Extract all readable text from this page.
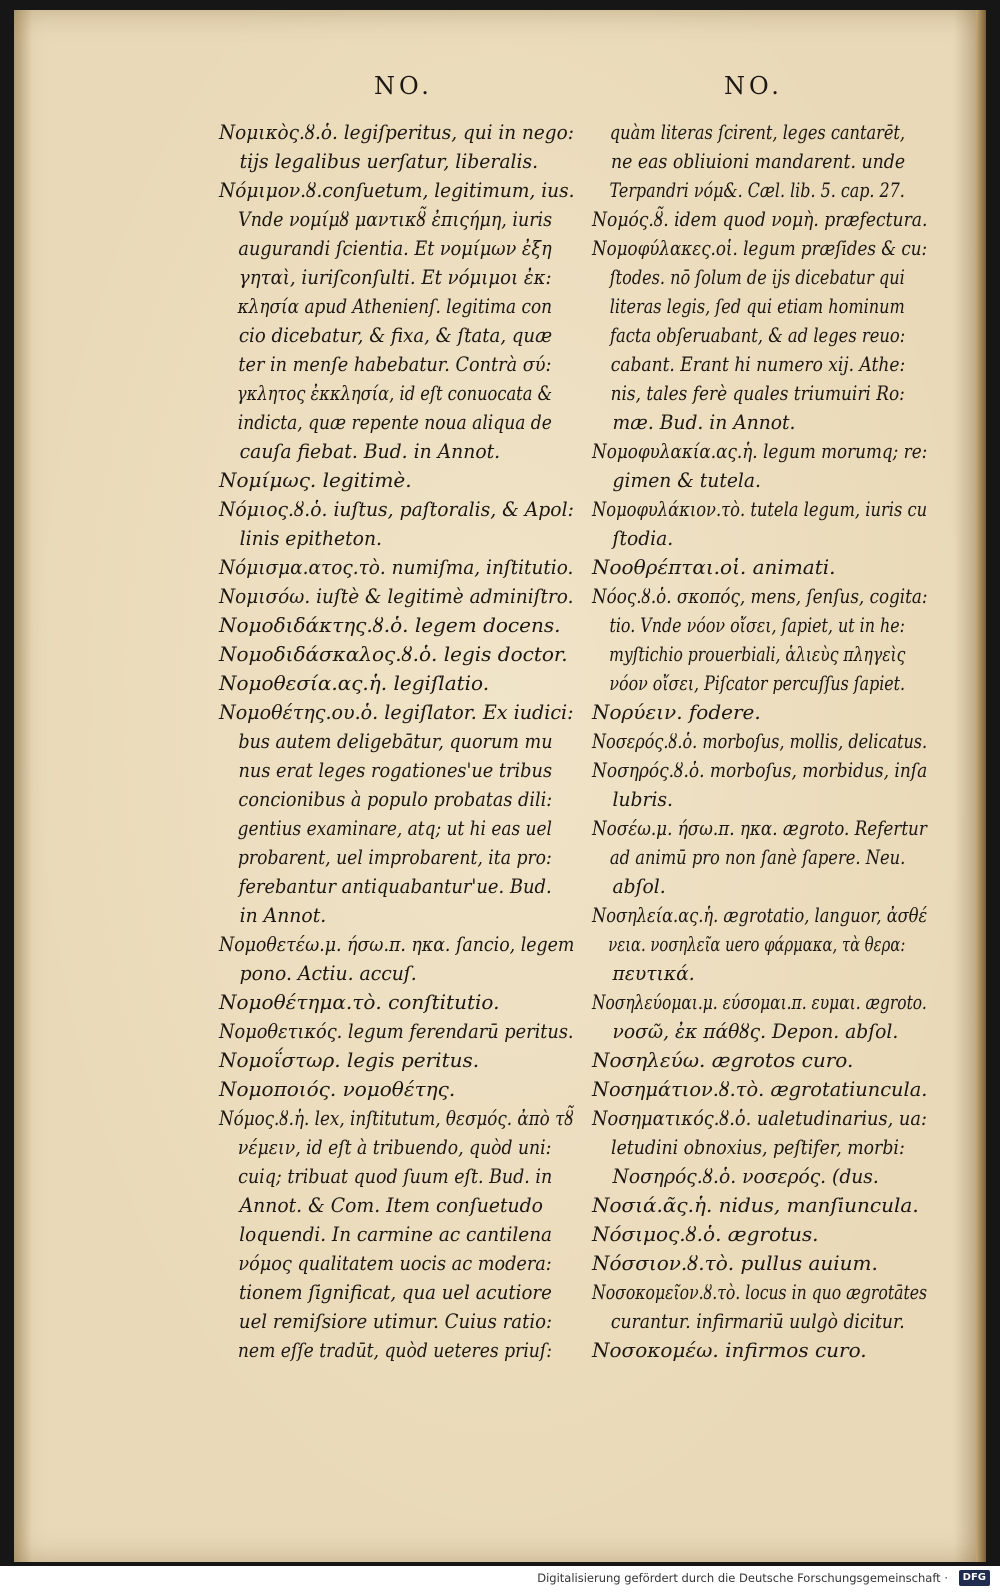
NO.	NO.
Νομικὸς.ȣ.ὁ. legiſperitus, qui in nego:
tijs legalibus uerſatur, liberalis.
Νόμιμον.ȣ.conſuetum, legitimum, ius.
Vnde νομίμȣ μαντικȣ̃ ἐπιςήμη, iuris
augurandi ſcientia. Et νομίμων ἐξη
γηταὶ, iuriſconſulti. Et νόμιμοι ἐκ:
κλησία apud Athenienſ. legitima con
cio dicebatur, & fixa, & ſtata, quæ
ter in menſe habebatur. Contrà σύ:
γκλητος ἐκκλησία, id eſt conuocata &
indicta, quæ repente noua aliqua de
cauſa fiebat. Bud. in Annot.
Νομίμως. legitimè.
Νόμιος.ȣ.ὁ. iuſtus, paſtoralis, & Apol:
linis epitheton.
Νόμισμα.ατος.τὸ. numiſma, inſtitutio.
Νομισόω. iuſtè & legitimè adminiſtro.
Νομοδιδάκτης.ȣ.ὁ. legem docens.
Νομοδιδάσκαλος.ȣ.ὁ. legis doctor.
Νομοθεσία.ας.ἡ. legiſlatio.
Νομοθέτης.ου.ὁ. legiſlator. Ex iudici:
bus autem deligebātur, quorum mu
nus erat leges rogationes'ue tribus
concionibus à populo probatas dili:
gentius examinare, atq; ut hi eas uel
probarent, uel improbarent, ita pro:
ferebantur antiquabantur'ue. Bud.
in Annot.
Νομοθετέω.μ. ήσω.π. ηκα. ſancio, legem
pono. Actiu. accuſ.
Νομοθέτημα.τὸ. conſtitutio.
Νομοθετικός. legum ferendarū peritus.
Νομοΐστωρ. legis peritus.
Νομοποιός. νομοθέτης.
Νόμος.ȣ.ἡ. lex, inſtitutum, θεσμός. ἀπὸ τȣ̃
νέμειν, id eſt à tribuendo, quòd uni:
cuiq; tribuat quod ſuum eſt. Bud. in
Annot. & Com. Item conſuetudo
loquendi. In carmine ac cantilena
νόμος qualitatem uocis ac modera:
tionem ſignificat, qua uel acutiore
uel remiſsiore utimur. Cuius ratio:
nem eſſe tradūt, quòd ueteres priuſ:
quàm literas ſcirent, leges cantarēt,
ne eas obliuioni mandarent. unde
Terpandri νόμ&. Cæl. lib. 5. cap. 27.
Νομός.ȣ̃. idem quod νομὴ. præfectura.
Νομοφύλακες.οἱ. legum præſides & cu:
ſtodes. nō ſolum de ijs dicebatur qui
literas legis, ſed qui etiam hominum
facta obſeruabant, & ad leges reuo:
cabant. Erant hi numero xij. Athe:
nis, tales ferè quales triumuiri Ro:
mæ. Bud. in Annot.
Νομοφυλακία.ας.ἡ. legum morumq; re:
gimen & tutela.
Νομοφυλάκιον.τὸ. tutela legum, iuris cu
ſtodia.
Νοοθρέπται.οἱ. animati.
Νόος.ȣ.ὁ. σκοπός, mens, ſenſus, cogita:
tio. Vnde νόον οἴσει, ſapiet, ut in he:
myſtichio prouerbiali, ἁλιεὺς πληγεὶς
νόον οἴσει, Piſcator percuſſus ſapiet.
Νορύειν. fodere.
Νοσερός.ȣ.ὁ. morboſus, mollis, delicatus.
Νοσηρός.ȣ.ὁ. morboſus, morbidus, inſa
lubris.
Νοσέω.μ. ήσω.π. ηκα. ægroto. Refertur
ad animū pro non ſanè ſapere. Neu.
abſol.
Νοσηλεία.ας.ἡ. ægrotatio, languor, ἀσθέ
νεια. νοσηλεῖα uero φάρμακα, τὰ θερα:
πευτικά.
Νοσηλεύομαι.μ. εύσομαι.π. ευμαι. ægroto.
νοσῶ, ἐκ πάθȣς. Depon. abſol.
Νοσηλεύω. ægrotos curo.
Νοσημάτιον.ȣ.τὸ. ægrotatiuncula.
Νοσηματικός.ȣ.ὁ. ualetudinarius, ua:
letudini obnoxius, peſtifer, morbi:
Νοσηρός.ȣ.ὁ. νοσερός. (dus.
Νοσιά.ᾶς.ἡ. nidus, manſiuncula.
Νόσιμος.ȣ.ὁ. ægrotus.
Νόσσιον.ȣ.τὸ. pullus auium.
Νοσοκομεῖον.ȣ.τὸ. locus in quo ægrotātes
curantur. infirmariū uulgò dicitur.
Νοσοκομέω. infirmos curo.
Digitalisierung gefördert durch die Deutsche Forschungsgemeinschaft ·	DFG
